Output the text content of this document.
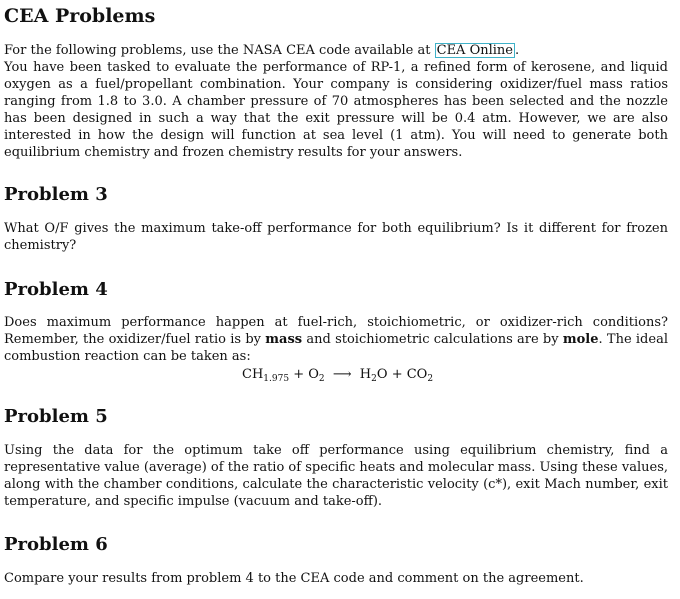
CEA Problems

For the following problems, use the NASA CEA code available at CEA Online .
You have been tasked to evaluate the performance of RP-1, a refined form of kerosene, and liquid oxygen as a fuel/propellant combination. Your company is considering oxidizer/fuel mass ratios ranging from 1.8 to 3.0. A chamber pressure of 70 atmospheres has been selected and the nozzle has been designed in such a way that the exit pressure will be 0.4 atm. However, we are also interested in how the design will function at sea level (1 atm). You will need to generate both equilibrium chemistry and frozen chemistry results for your answers.

Problem 3

What O/F gives the maximum take-off performance for both equilibrium? Is it different for frozen chemistry?

Problem 4

Does maximum performance happen at fuel-rich, stoichiometric, or oxidizer-rich conditions? Remember, the oxidizer/fuel ratio is by mass and stoichiometric calculations are by mole. The ideal combustion reaction can be taken as:

$CH_{1.975} + O_2$ ⟶ $H_2O + CO_2$
Problem 5

Using the data for the optimum take off performance using equilibrium chemistry, find a representative value (average) of the ratio of specific heats and molecular mass. Using these values, along with the chamber conditions, calculate the characteristic velocity (c*), exit Mach number, exit temperature, and specific impulse (vacuum and take-off).

Problem 6

Compare your results from problem 4 to the CEA code and comment on the agreement.
